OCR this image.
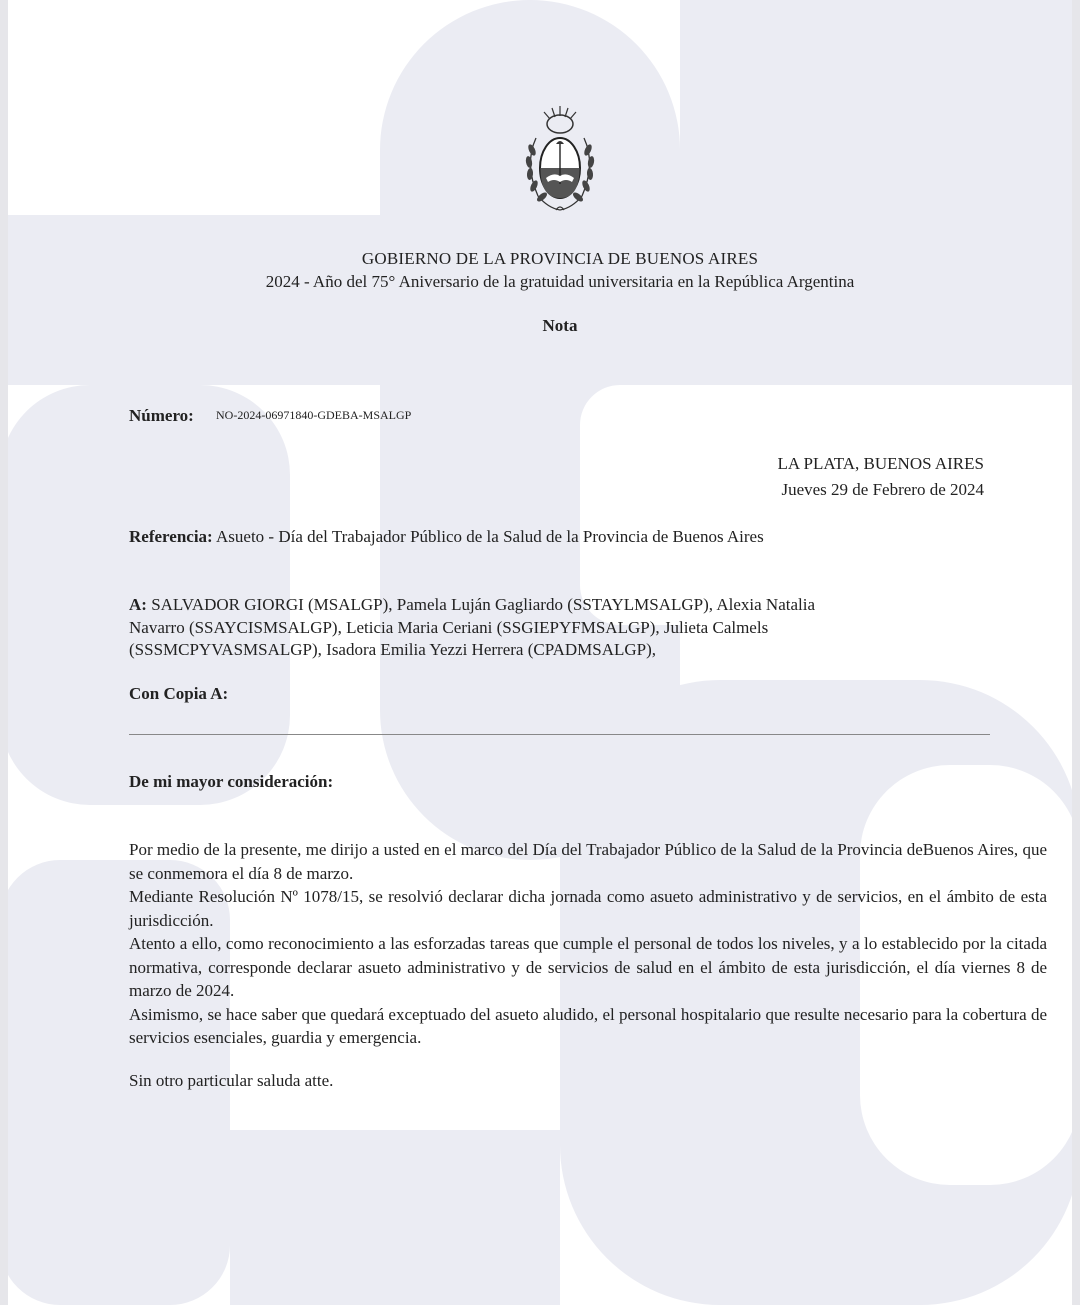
GOBIERNO DE LA PROVINCIA DE BUENOS AIRES
2024 - Año del 75° Aniversario de la gratuidad universitaria en la República Argentina
Nota
Número: NO-2024-06971840-GDEBA-MSALGP
LA PLATA, BUENOS AIRES
Jueves 29 de Febrero de 2024
Referencia: Asueto - Día del Trabajador Público de la Salud de la Provincia de Buenos Aires
A: SALVADOR GIORGI (MSALGP), Pamela Luján Gagliardo (SSTAYLMSALGP), Alexia Natalia
Navarro (SSAYCISMSALGP), Leticia Maria Ceriani (SSGIEPYFMSALGP), Julieta Calmels
(SSSMCPYVASMSALGP), Isadora Emilia Yezzi Herrera (CPADMSALGP),
Con Copia A:
De mi mayor consideración:

Por medio de la presente, me dirijo a usted en el marco del Día del Trabajador Público de la Salud de la Provincia deBuenos Aires, que se conmemora el día 8 de marzo.

Mediante Resolución Nº 1078/15, se resolvió declarar dicha jornada como asueto administrativo y de servicios, en el ámbito de esta jurisdicción.

Atento a ello, como reconocimiento a las esforzadas tareas que cumple el personal de todos los niveles, y a lo establecido por la citada normativa, corresponde declarar asueto administrativo y de servicios de salud en el ámbito de esta jurisdicción, el día viernes 8 de marzo de 2024.

Asimismo, se hace saber que quedará exceptuado del asueto aludido, el personal hospitalario que resulte necesario para la cobertura de servicios esenciales, guardia y emergencia.

Sin otro particular saluda atte.
